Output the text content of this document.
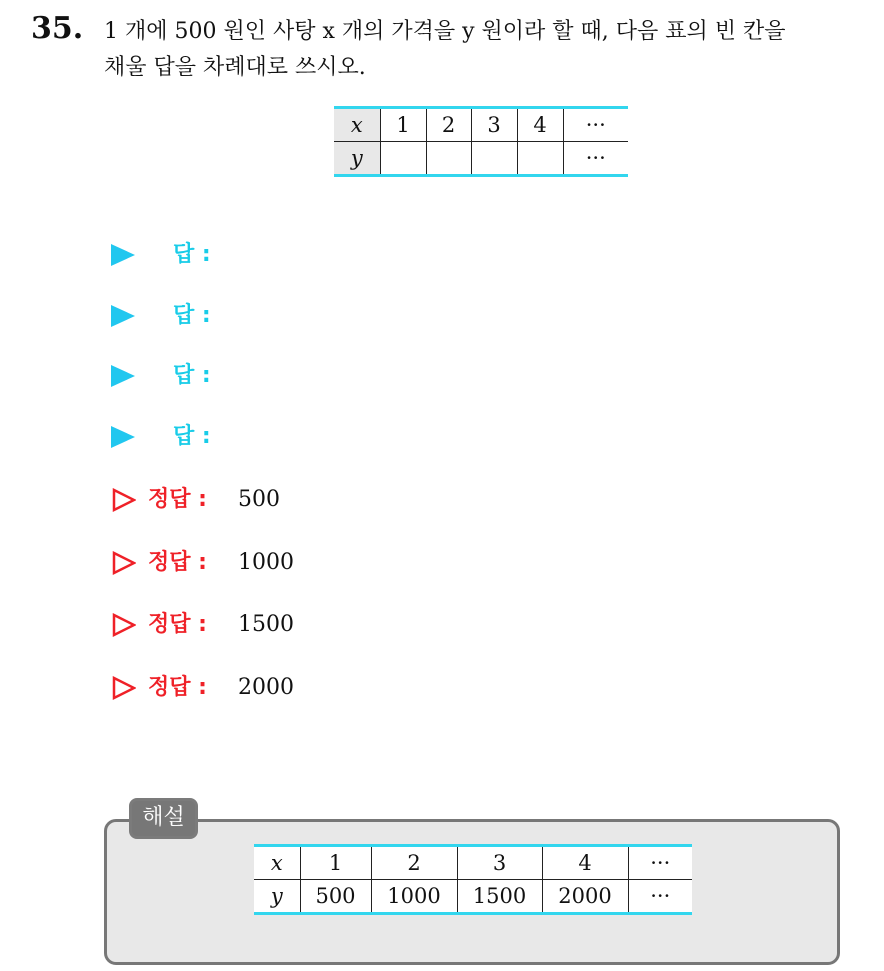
35. 1 개에 500 원인 사탕 x 개의 가격을 y 원이라 할 때, 다음 표의 빈 칸을
채울 답을 차례대로 쓰시오.
x	1	2	3	4	···
y					···
답 :
답 :
답 :
답 :
정답 :	500
정답 :	1000
정답 :	1500
정답 :	2000
해설
x	1	2	3	4	···
y	500	1000	1500	2000	···
